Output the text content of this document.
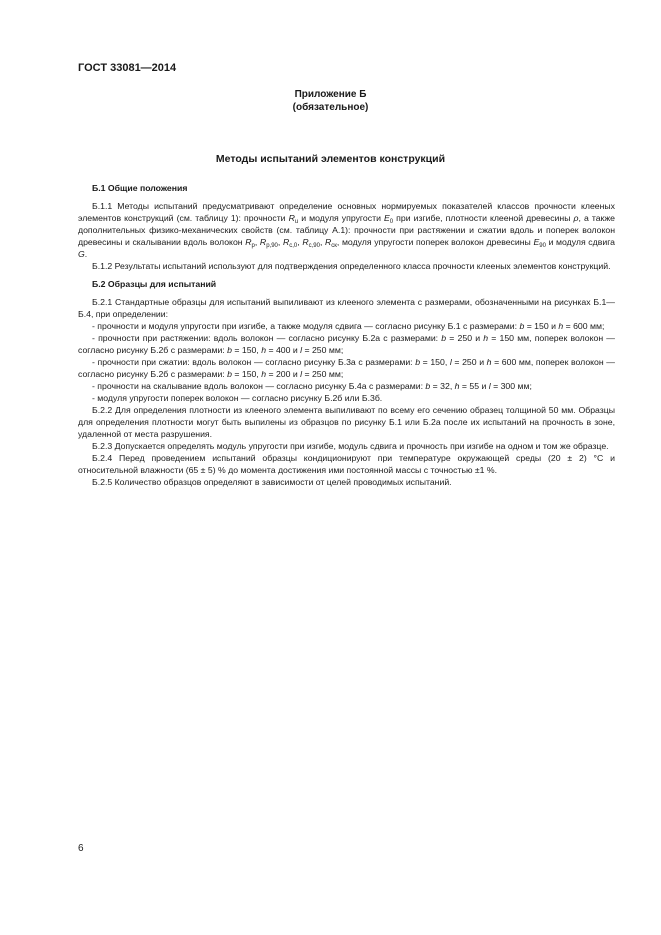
ГОСТ 33081—2014
Приложение Б
(обязательное)
Методы испытаний элементов конструкций
Б.1 Общие положения

Б.1.1 Методы испытаний предусматривают определение основных нормируемых показателей классов прочности клееных элементов конструкций (см. таблицу 1): прочности $R_u$ и модуля упругости $E_0$ при изгибе, плотности клееной древесины ρ, а также дополнительных физико-механических свойств (см. таблицу А.1): прочности при растяжении и сжатии вдоль и поперек волокон древесины и скалывании вдоль волокон $R_p$, $R_{p,90}$, $R_{c,0}$, $R_{c,90}$, $R_{ск}$, модуля упругости поперек волокон древесины $E_{90}$ и модуля сдвига G.

Б.1.2 Результаты испытаний используют для подтверждения определенного класса прочности клееных элементов конструкций.

Б.2 Образцы для испытаний

Б.2.1 Стандартные образцы для испытаний выпиливают из клееного элемента с размерами, обозначенными на рисунках Б.1—Б.4, при определении:

- прочности и модуля упругости при изгибе, а также модуля сдвига — согласно рисунку Б.1 с размерами: b = 150 и h = 600 мм;

- прочности при растяжении: вдоль волокон — согласно рисунку Б.2а с размерами: b = 250 и h = 150 мм, поперек волокон — согласно рисунку Б.2б с размерами: b = 150, h = 400 и l = 250 мм;

- прочности при сжатии: вдоль волокон — согласно рисунку Б.3а с размерами: b = 150, l = 250 и h = 600 мм, поперек волокон — согласно рисунку Б.2б с размерами: b = 150, h = 200 и l = 250 мм;

- прочности на скалывание вдоль волокон — согласно рисунку Б.4а с размерами: b = 32, h = 55 и l = 300 мм;

- модуля упругости поперек волокон — согласно рисунку Б.2б или Б.3б.

Б.2.2 Для определения плотности из клееного элемента выпиливают по всему его сечению образец толщиной 50 мм. Образцы для определения плотности могут быть выпилены из образцов по рисунку Б.1 или Б.2а после их испытаний на прочность в зоне, удаленной от места разрушения.

Б.2.3 Допускается определять модуль упругости при изгибе, модуль сдвига и прочность при изгибе на одном и том же образце.

Б.2.4 Перед проведением испытаний образцы кондиционируют при температуре окружающей среды (20 ± 2) °С и относительной влажности (65 ± 5) % до момента достижения ими постоянной массы с точностью ±1 %.

Б.2.5 Количество образцов определяют в зависимости от целей проводимых испытаний.

6
